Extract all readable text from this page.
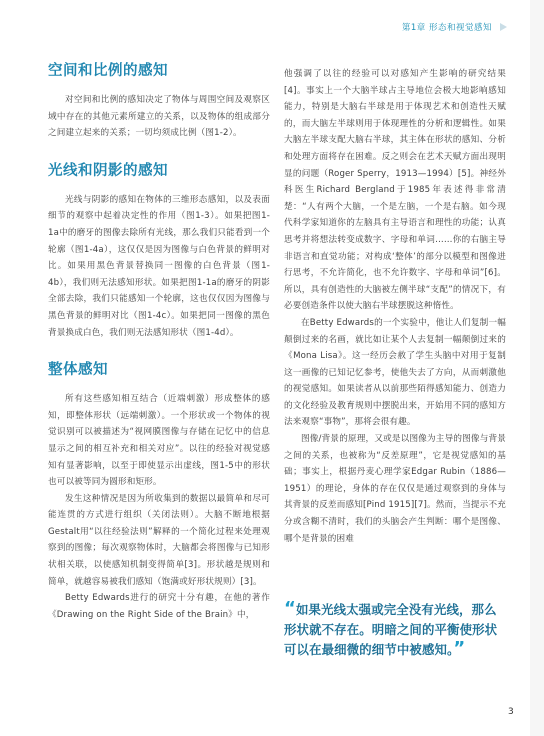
第1章 形态和视觉感知
空间和比例的感知

对空间和比例的感知决定了物体与周围空间及观察区域中存在的其他元素所建立的关系，以及物体的组成部分之间建立起来的关系；一切均须成比例（图1-2）。

光线和阴影的感知

光线与阴影的感知在物体的三维形态感知，以及表面细节的观察中起着决定性的作用（图1-3）。如果把图1-1a中的磨牙的图像去除所有光线，那么我们只能看到一个轮廓（图1-4a），这仅仅是因为图像与白色背景的鲜明对比。如果用黑色背景替换同一图像的白色背景（图1-4b），我们则无法感知形状。如果把图1-1a的磨牙的阴影全部去除，我们只能感知一个轮廓，这也仅仅因为图像与黑色背景的鲜明对比（图1-4c）。如果把同一图像的黑色背景换成白色，我们则无法感知形状（图1-4d）。

整体感知

所有这些感知相互结合（近端刺激）形成整体的感知，即整体形状（远端刺激）。一个形状或一个物体的视觉识别可以被描述为“视网膜图像与存储在记忆中的信息显示之间的相互补充和相关对应”。以往的经验对视觉感知有显著影响，以至于即使显示出虚线，图1-5中的形状也可以被等同为圆形和矩形。

发生这种情况是因为所收集到的数据以最简单和尽可能连贯的方式进行组织（关闭法则）。大脑不断地根据Gestalt用“以往经验法则”解释的一个简化过程来处理观察到的图像；每次观察物体时，大脑都会将图像与已知形状相关联，以使感知机制变得简单[3]。形状越是规则和简单，就越容易被我们感知（饱满或好形状规则）[3]。

Betty Edwards进行的研究十分有趣，在他的著作《Drawing on the Right Side of the Brain》中，

他强调了以往的经验可以对感知产生影响的研究结果[4]。事实上一个大脑半球占主导地位会极大地影响感知能力，特别是大脑右半球是用于体现艺术和创造性天赋的，而大脑左半球则用于体现理性的分析和逻辑性。如果大脑左半球支配大脑右半球，其主体在形状的感知、分析和处理方面将存在困难。反之则会在艺术天赋方面出现明显的问题（Roger Sperry，1913—1994）[5]。神经外科医生Richard Bergland于1985年表述得非常清楚：“人有两个大脑，一个是左脑，一个是右脑。如今现代科学家知道你的左脑具有主导语言和理性的功能；认真思考并将想法转变成数字、字母和单词……你的右脑主导非语言和直觉功能；对构成‘整体’的部分以模型和图像进行思考，不允许简化，也不允许数字、字母和单词”[6]。所以，具有创造性的大脑被左侧半球“支配”的情况下，有必要创造条件以使大脑右半球摆脱这种惰性。

在Betty Edwards的一个实验中，他让人们复制一幅颠倒过来的名画，就比如让某个人去复制一幅颠倒过来的《Mona Lisa》。这一经历会赦了学生头脑中对用于复制这一画像的已知记忆参考，使他失去了方向，从而刺激他的视觉感知。如果读者从以前那些陌得感知能力、创造力的文化经验及教育规则中摆脱出来，开始用不同的感知方法来观察“事物”，那将会很有趣。

图像/背景的原理，又或是以图像为主导的图像与背景之间的关系，也被称为“反差原理”，它是视觉感知的基础；事实上，根据丹麦心理学家Edgar Rubin（1886—1951）的理论，身体的存在仅仅是通过观察到的身体与其背景的反差而感知[Pind 1915][7]。然而，当提示不充分或含糊不清时，我们的头脑会产生判断：哪个是图像、哪个是背景的困难

“如果光线太强或完全没有光线，那么形状就不存在。明暗之间的平衡使形状可以在最细微的细节中被感知。”

3
